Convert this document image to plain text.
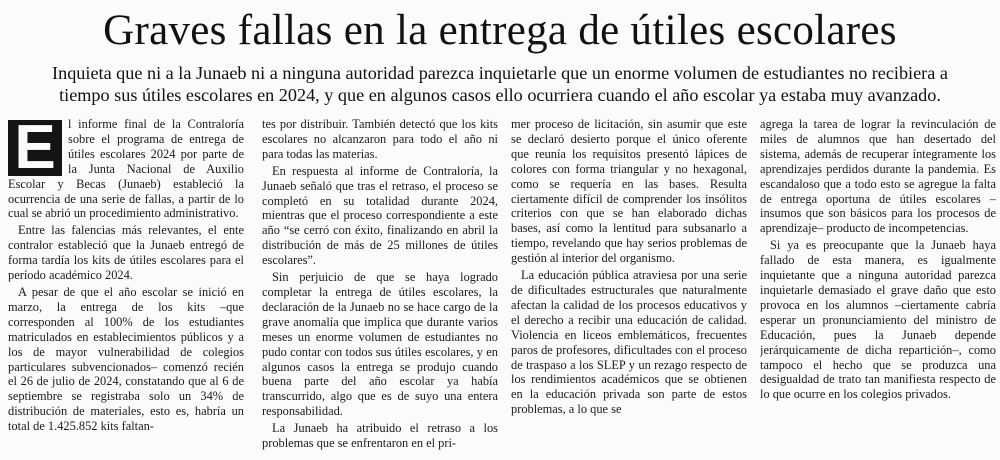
Graves fallas en la entrega de útiles escolares

Inquieta que ni a la Junaeb ni a ninguna autoridad parezca inquietarle que un enorme volumen de estudiantes no recibiera a

tiempo sus útiles escolares en 2024, y que en algunos casos ello ocurriera cuando el año escolar ya estaba muy avanzado.

E l informe final de la Contraloría sobre el programa de entrega de útiles escolares 2024 por parte de la Junta Nacional de Auxilio Escolar y Becas (Junaeb) estableció la ocurrencia de una serie de fallas, a partir de lo cual se abrió un procedimiento administrativo.

Entre las falencias más relevantes, el ente contralor estableció que la Junaeb entregó de forma tardía los kits de útiles escolares para el período académico 2024.

A pesar de que el año escolar se inició en marzo, la entrega de los kits –que corresponden al 100% de los estudiantes matriculados en establecimientos públicos y a los de mayor vulnerabilidad de colegios particulares subvencionados– comenzó recién el 26 de julio de 2024, constatando que al 6 de septiembre se registraba solo un 34% de distribución de materiales, esto es, habría un total de 1.425.852 kits faltan-

tes por distribuir. También detectó que los kits escolares no alcanzaron para todo el año ni para todas las materias.

En respuesta al informe de Contraloría, la Junaeb señaló que tras el retraso, el proceso se completó en su totalidad durante 2024, mientras que el proceso correspondiente a este año “se cerró con éxito, finalizando en abril la distribución de más de 25 millones de útiles escolares”.

Sin perjuicio de que se haya logrado completar la entrega de útiles escolares, la declaración de la Junaeb no se hace cargo de la grave anomalía que implica que durante varios meses un enorme volumen de estudiantes no pudo contar con todos sus útiles escolares, y en algunos casos la entrega se produjo cuando buena parte del año escolar ya había transcurrido, algo que es de suyo una entera responsabilidad.

La Junaeb ha atribuido el retraso a los problemas que se enfrentaron en el pri-

mer proceso de licitación, sin asumir que este se declaró desierto porque el único oferente que reunía los requisitos presentó lápices de colores con forma triangular y no hexagonal, como se requería en las bases. Resulta ciertamente difícil de comprender los insólitos criterios con que se han elaborado dichas bases, así como la lentitud para subsanarlo a tiempo, revelando que hay serios problemas de gestión al interior del organismo.

La educación pública atraviesa por una serie de dificultades estructurales que naturalmente afectan la calidad de los procesos educativos y el derecho a recibir una educación de calidad. Violencia en liceos emblemáticos, frecuentes paros de profesores, dificultades con el proceso de traspaso a los SLEP y un rezago respecto de los rendimientos académicos que se obtienen en la educación privada son parte de estos problemas, a lo que se

agrega la tarea de lograr la revinculación de miles de alumnos que han desertado del sistema, además de recuperar íntegramente los aprendizajes perdidos durante la pandemia. Es escandaloso que a todo esto se agregue la falta de entrega oportuna de útiles escolares –insumos que son básicos para los procesos de aprendizaje– producto de incompetencias.

Si ya es preocupante que la Junaeb haya fallado de esta manera, es igualmente inquietante que a ninguna autoridad parezca inquietarle demasiado el grave daño que esto provoca en los alumnos –ciertamente cabría esperar un pronunciamiento del ministro de Educación, pues la Junaeb depende jerárquicamente de dicha repartición–, como tampoco el hecho que se produzca una desigualdad de trato tan manifiesta respecto de lo que ocurre en los colegios privados.
